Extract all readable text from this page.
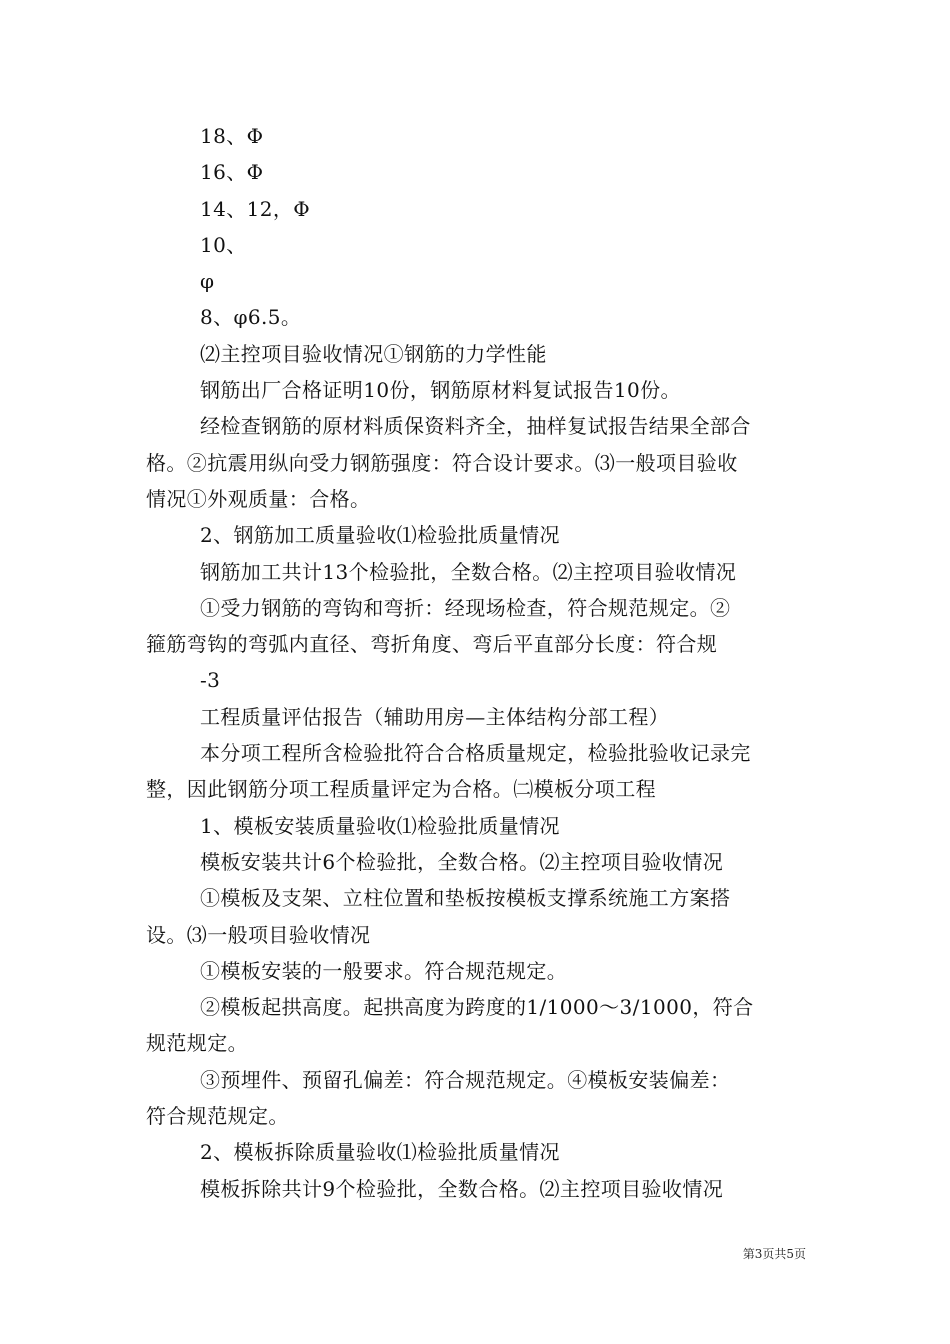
18、Φ
16、Φ
14、12，Φ
10、
φ
8、φ6.5。
⑵主控项目验收情况①钢筋的力学性能
钢筋出厂合格证明10份，钢筋原材料复试报告10份。
经检查钢筋的原材料质保资料齐全，抽样复试报告结果全部合
格。②抗震用纵向受力钢筋强度：符合设计要求。⑶一般项目验收
情况①外观质量：合格。
2、钢筋加工质量验收⑴检验批质量情况
钢筋加工共计13个检验批，全数合格。⑵主控项目验收情况
①受力钢筋的弯钩和弯折：经现场检查，符合规范规定。②
箍筋弯钩的弯弧内直径、弯折角度、弯后平直部分长度：符合规
-3
工程质量评估报告（辅助用房—主体结构分部工程）
本分项工程所含检验批符合合格质量规定，检验批验收记录完
整，因此钢筋分项工程质量评定为合格。㈡模板分项工程
1、模板安装质量验收⑴检验批质量情况
模板安装共计6个检验批，全数合格。⑵主控项目验收情况
①模板及支架、立柱位置和垫板按模板支撑系统施工方案搭
设。⑶一般项目验收情况
①模板安装的一般要求。符合规范规定。
②模板起拱高度。起拱高度为跨度的1/1000～3/1000，符合
规范规定。
③预埋件、预留孔偏差：符合规范规定。④模板安装偏差：
符合规范规定。
2、模板拆除质量验收⑴检验批质量情况
模板拆除共计9个检验批，全数合格。⑵主控项目验收情况
第3页共5页
